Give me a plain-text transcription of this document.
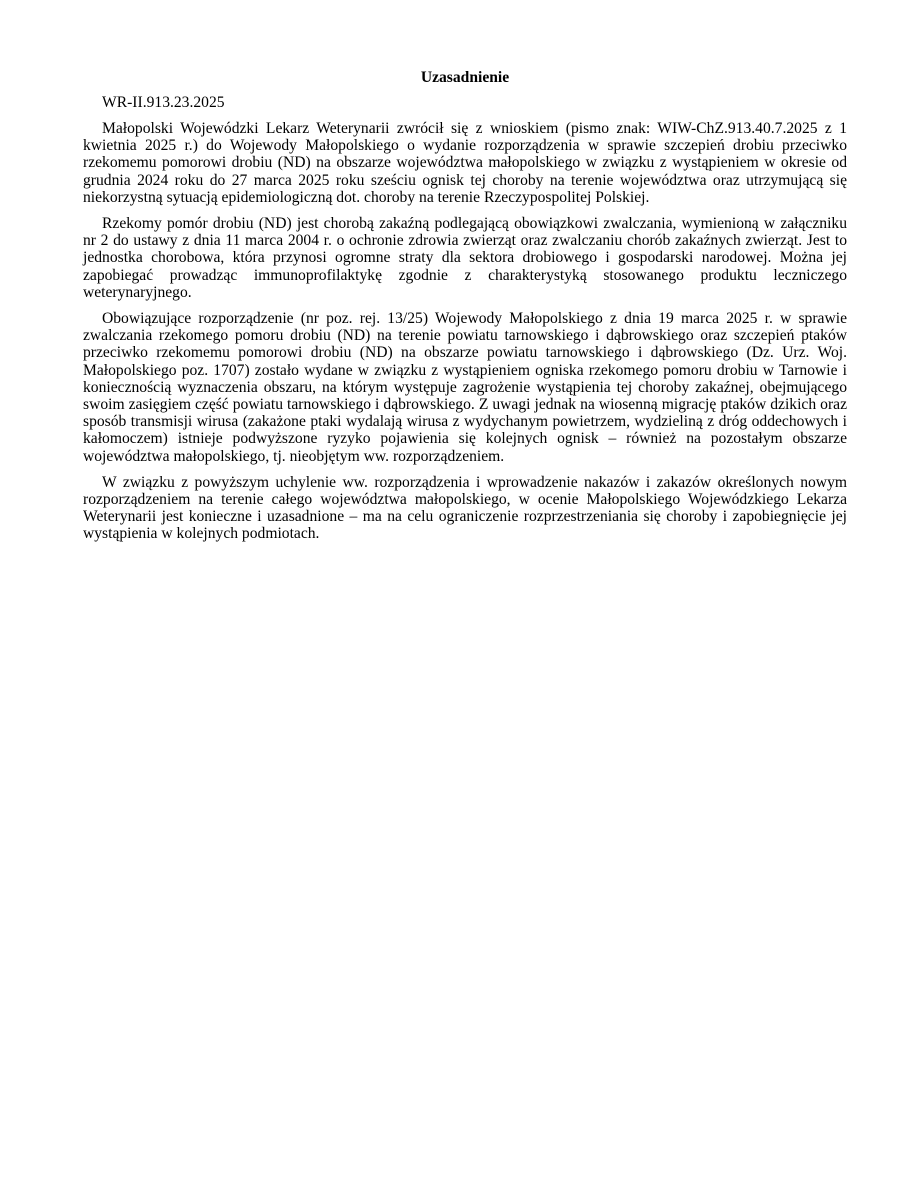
Uzasadnienie
WR-II.913.23.2025

Małopolski Wojewódzki Lekarz Weterynarii zwrócił się z wnioskiem (pismo znak: WIW-ChZ.913.40.7.2025 z 1 kwietnia 2025 r.) do Wojewody Małopolskiego o wydanie rozporządzenia w sprawie szczepień drobiu przeciwko rzekomemu pomorowi drobiu (ND) na obszarze województwa małopolskiego w związku z wystąpieniem w okresie od grudnia 2024 roku do 27 marca 2025 roku sześciu ognisk tej choroby na terenie województwa oraz utrzymującą się niekorzystną sytuacją epidemiologiczną dot. choroby na terenie Rzeczypospolitej Polskiej.

Rzekomy pomór drobiu (ND) jest chorobą zakaźną podlegającą obowiązkowi zwalczania, wymienioną w załączniku nr 2 do ustawy z dnia 11 marca 2004 r. o ochronie zdrowia zwierząt oraz zwalczaniu chorób zakaźnych zwierząt. Jest to jednostka chorobowa, która przynosi ogromne straty dla sektora drobiowego i gospodarski narodowej. Można jej zapobiegać prowadząc immunoprofilaktykę zgodnie z charakterystyką stosowanego produktu leczniczego weterynaryjnego.

Obowiązujące rozporządzenie (nr poz. rej. 13/25) Wojewody Małopolskiego z dnia 19 marca 2025 r. w sprawie zwalczania rzekomego pomoru drobiu (ND) na terenie powiatu tarnowskiego i dąbrowskiego oraz szczepień ptaków przeciwko rzekomemu pomorowi drobiu (ND) na obszarze powiatu tarnowskiego i dąbrowskiego (Dz. Urz. Woj. Małopolskiego poz. 1707) zostało wydane w związku z wystąpieniem ogniska rzekomego pomoru drobiu w Tarnowie i koniecznością wyznaczenia obszaru, na którym występuje zagrożenie wystąpienia tej choroby zakaźnej, obejmującego swoim zasięgiem część powiatu tarnowskiego i dąbrowskiego. Z uwagi jednak na wiosenną migrację ptaków dzikich oraz sposób transmisji wirusa (zakażone ptaki wydalają wirusa z wydychanym powietrzem, wydzieliną z dróg oddechowych i kałomoczem) istnieje podwyższone ryzyko pojawienia się kolejnych ognisk – również na pozostałym obszarze województwa małopolskiego, tj. nieobjętym ww. rozporządzeniem.

W związku z powyższym uchylenie ww. rozporządzenia i wprowadzenie nakazów i zakazów określonych nowym rozporządzeniem na terenie całego województwa małopolskiego, w ocenie Małopolskiego Wojewódzkiego Lekarza Weterynarii jest konieczne i uzasadnione – ma na celu ograniczenie rozprzestrzeniania się choroby i zapobiegnięcie jej wystąpienia w kolejnych podmiotach.
